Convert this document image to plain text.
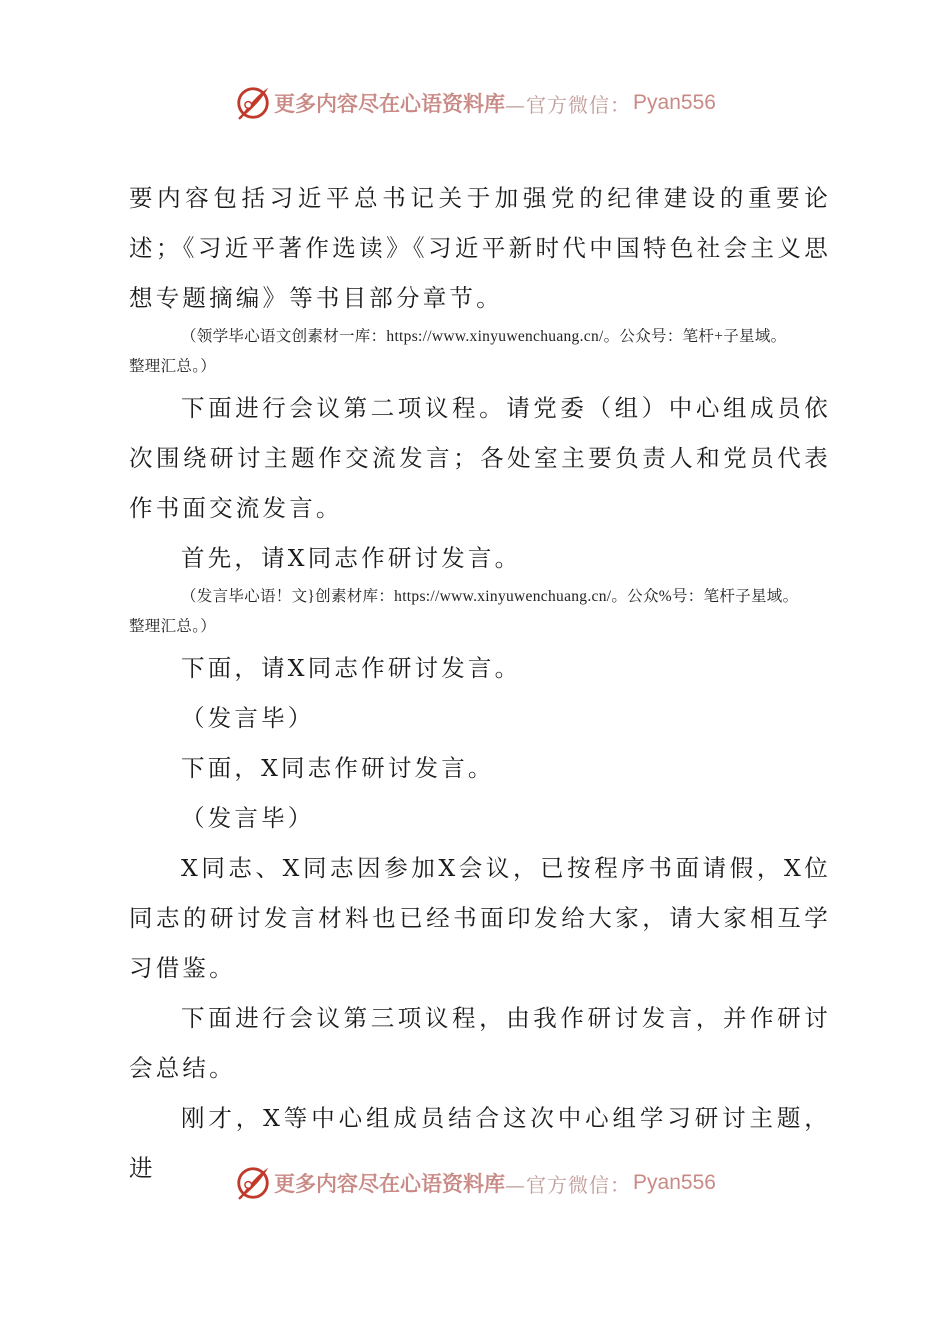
更多内容尽在心语资料库 —官方微信： Pyan556

要内容包括习近平总书记关于加强党的纪律建设的重要论述；《习近平著作选读》《习近平新时代中国特色社会主义思想专题摘编》等书目部分章节。

（领学毕心语文创素材一库：https://www.xinyuwenchuang.cn/。公众号：笔杆+子星域。

整理汇总。）

下面进行会议第二项议程。请党委（组）中心组成员依次围绕研讨主题作交流发言；各处室主要负责人和党员代表作书面交流发言。

首先，请X同志作研讨发言。

（发言毕心语！文}创素材库：https://www.xinyuwenchuang.cn/。公众%号：笔杆子星域。

整理汇总。）

下面，请X同志作研讨发言。

（发言毕）

下面，X同志作研讨发言。

（发言毕）

X同志、X同志因参加X会议，已按程序书面请假，X位同志的研讨发言材料也已经书面印发给大家，请大家相互学习借鉴。

下面进行会议第三项议程，由我作研讨发言，并作研讨会总结。

刚才，X等中心组成员结合这次中心组学习研讨主题，进

更多内容尽在心语资料库 —官方微信： Pyan556
